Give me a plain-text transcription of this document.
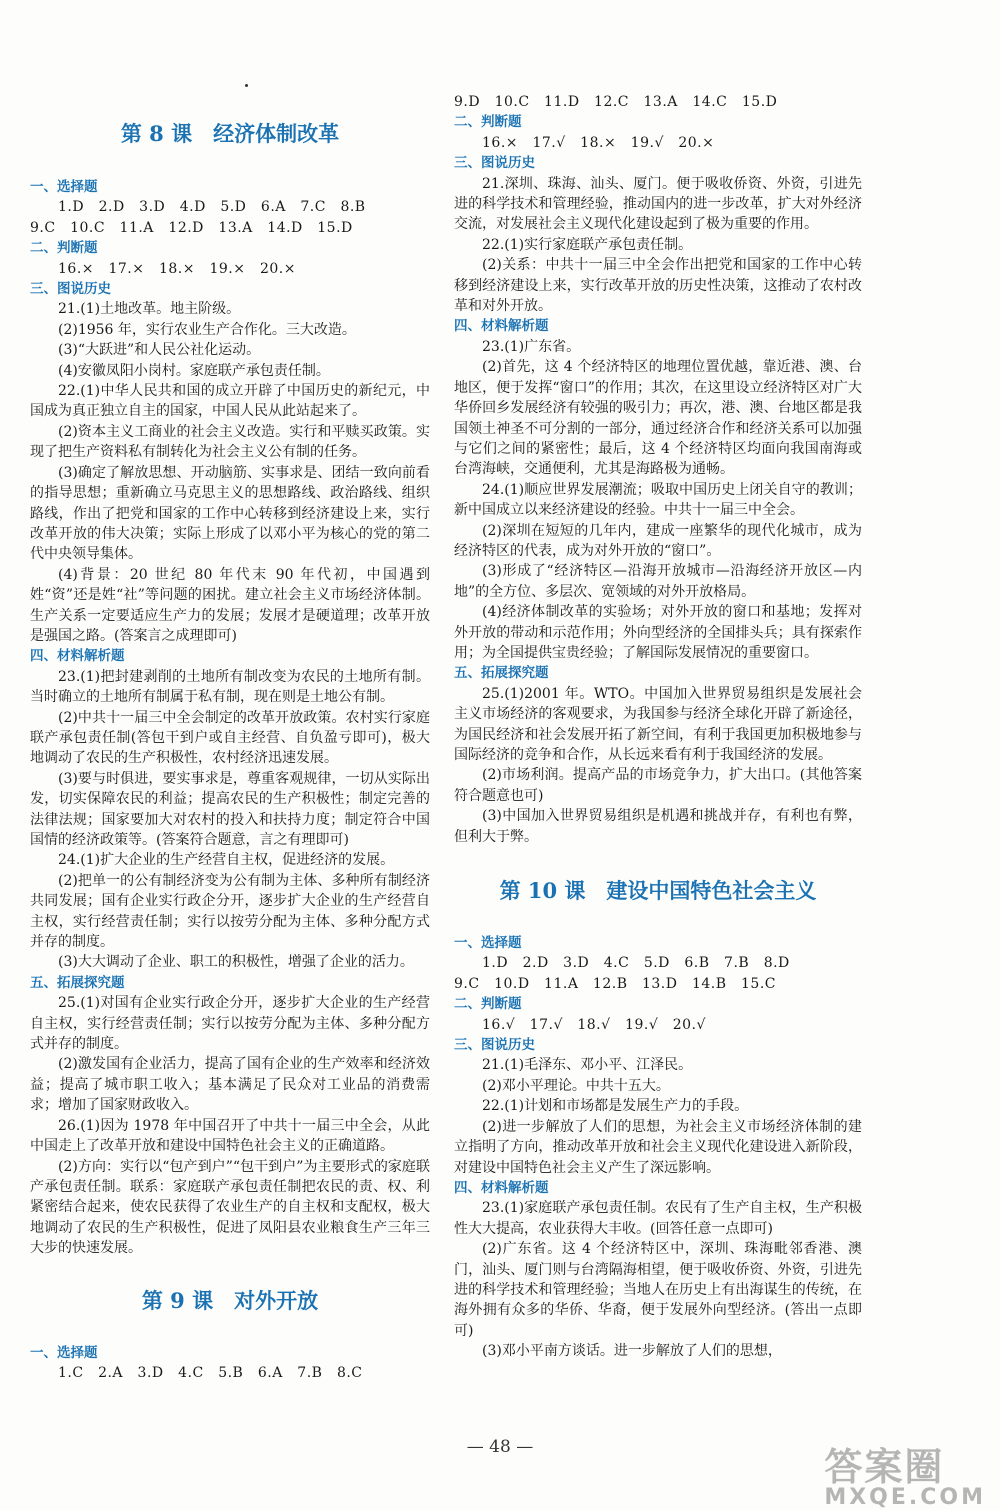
第 8 课　经济体制改革

一、选择题

1.D　2.D　3.D　4.D　5.D　6.A　7.C　8.B

9.C　10.C　11.A　12.D　13.A　14.D　15.D

二、判断题

16.×　17.×　18.×　19.×　20.×

三、图说历史

21.(1)土地改革。地主阶级。

(2)1956 年，实行农业生产合作化。三大改造。

(3)“大跃进”和人民公社化运动。

(4)安徽凤阳小岗村。家庭联产承包责任制。

22.(1)中华人民共和国的成立开辟了中国历史的新纪元，中国成为真正独立自主的国家，中国人民从此站起来了。

(2)资本主义工商业的社会主义改造。实行和平赎买政策。实现了把生产资料私有制转化为社会主义公有制的任务。

(3)确定了解放思想、开动脑筋、实事求是、团结一致向前看的指导思想；重新确立马克思主义的思想路线、政治路线、组织路线，作出了把党和国家的工作中心转移到经济建设上来，实行改革开放的伟大决策；实际上形成了以邓小平为核心的党的第二代中央领导集体。

(4)背景：20 世纪 80 年代末 90 年代初，中国遇到姓“资”还是姓“社”等问题的困扰。建立社会主义市场经济体制。生产关系一定要适应生产力的发展；发展才是硬道理；改革开放是强国之路。(答案言之成理即可)

四、材料解析题

23.(1)把封建剥削的土地所有制改变为农民的土地所有制。当时确立的土地所有制属于私有制，现在则是土地公有制。

(2)中共十一届三中全会制定的改革开放政策。农村实行家庭联产承包责任制(答包干到户或自主经营、自负盈亏即可)，极大地调动了农民的生产积极性，农村经济迅速发展。

(3)要与时俱进，要实事求是，尊重客观规律，一切从实际出发，切实保障农民的利益；提高农民的生产积极性；制定完善的法律法规；国家要加大对农村的投入和扶持力度；制定符合中国国情的经济政策等。(答案符合题意，言之有理即可)

24.(1)扩大企业的生产经营自主权，促进经济的发展。

(2)把单一的公有制经济变为公有制为主体、多种所有制经济共同发展；国有企业实行政企分开，逐步扩大企业的生产经营自主权，实行经营责任制；实行以按劳分配为主体、多种分配方式并存的制度。

(3)大大调动了企业、职工的积极性，增强了企业的活力。

五、拓展探究题

25.(1)对国有企业实行政企分开，逐步扩大企业的生产经营自主权，实行经营责任制；实行以按劳分配为主体、多种分配方式并存的制度。

(2)激发国有企业活力，提高了国有企业的生产效率和经济效益；提高了城市职工收入；基本满足了民众对工业品的消费需求；增加了国家财政收入。

26.(1)因为 1978 年中国召开了中共十一届三中全会，从此中国走上了改革开放和建设中国特色社会主义的正确道路。

(2)方向：实行以“包产到户”“包干到户”为主要形式的家庭联产承包责任制。联系：家庭联产承包责任制把农民的责、权、利紧密结合起来，使农民获得了农业生产的自主权和支配权，极大地调动了农民的生产积极性，促进了凤阳县农业粮食生产三年三大步的快速发展。

第 9 课　对外开放

一、选择题

1.C　2.A　3.D　4.C　5.B　6.A　7.B　8.C

9.D　10.C　11.D　12.C　13.A　14.C　15.D

二、判断题

16.×　17.√　18.×　19.√　20.×

三、图说历史

21.深圳、珠海、汕头、厦门。便于吸收侨资、外资，引进先进的科学技术和管理经验，推动国内的进一步改革，扩大对外经济交流，对发展社会主义现代化建设起到了极为重要的作用。

22.(1)实行家庭联产承包责任制。

(2)关系：中共十一届三中全会作出把党和国家的工作中心转移到经济建设上来，实行改革开放的历史性决策，这推动了农村改革和对外开放。

四、材料解析题

23.(1)广东省。

(2)首先，这 4 个经济特区的地理位置优越，靠近港、澳、台地区，便于发挥“窗口”的作用；其次，在这里设立经济特区对广大华侨回乡发展经济有较强的吸引力；再次，港、澳、台地区都是我国领土神圣不可分割的一部分，通过经济合作和经济关系可以加强与它们之间的紧密性；最后，这 4 个经济特区均面向我国南海或台湾海峡，交通便利，尤其是海路极为通畅。

24.(1)顺应世界发展潮流；吸取中国历史上闭关自守的教训；新中国成立以来经济建设的经验。中共十一届三中全会。

(2)深圳在短短的几年内，建成一座繁华的现代化城市，成为经济特区的代表，成为对外开放的“窗口”。

(3)形成了“经济特区—沿海开放城市—沿海经济开放区—内地”的全方位、多层次、宽领域的对外开放格局。

(4)经济体制改革的实验场；对外开放的窗口和基地；发挥对外开放的带动和示范作用；外向型经济的全国排头兵；具有探索作用；为全国提供宝贵经验；了解国际发展情况的重要窗口。

五、拓展探究题

25.(1)2001 年。WTO。中国加入世界贸易组织是发展社会主义市场经济的客观要求，为我国参与经济全球化开辟了新途径，为国民经济和社会发展开拓了新空间，有利于我国更加积极地参与国际经济的竞争和合作，从长远来看有利于我国经济的发展。

(2)市场利润。提高产品的市场竞争力，扩大出口。(其他答案符合题意也可)

(3)中国加入世界贸易组织是机遇和挑战并存，有利也有弊，但利大于弊。

第 10 课　建设中国特色社会主义

一、选择题

1.D　2.D　3.D　4.C　5.D　6.B　7.B　8.D

9.C　10.D　11.A　12.B　13.D　14.B　15.C

二、判断题

16.√　17.√　18.√　19.√　20.√

三、图说历史

21.(1)毛泽东、邓小平、江泽民。

(2)邓小平理论。中共十五大。

22.(1)计划和市场都是发展生产力的手段。

(2)进一步解放了人们的思想，为社会主义市场经济体制的建立指明了方向，推动改革开放和社会主义现代化建设进入新阶段，对建设中国特色社会主义产生了深远影响。

四、材料解析题

23.(1)家庭联产承包责任制。农民有了生产自主权，生产积极性大大提高，农业获得大丰收。(回答任意一点即可)

(2)广东省。这 4 个经济特区中，深圳、珠海毗邻香港、澳门，汕头、厦门则与台湾隔海相望，便于吸收侨资、外资，引进先进的科学技术和管理经验；当地人在历史上有出海谋生的传统，在海外拥有众多的华侨、华裔，便于发展外向型经济。(答出一点即可)

(3)邓小平南方谈话。进一步解放了人们的思想，

— 48 —	答案圈
MXQE.COM
